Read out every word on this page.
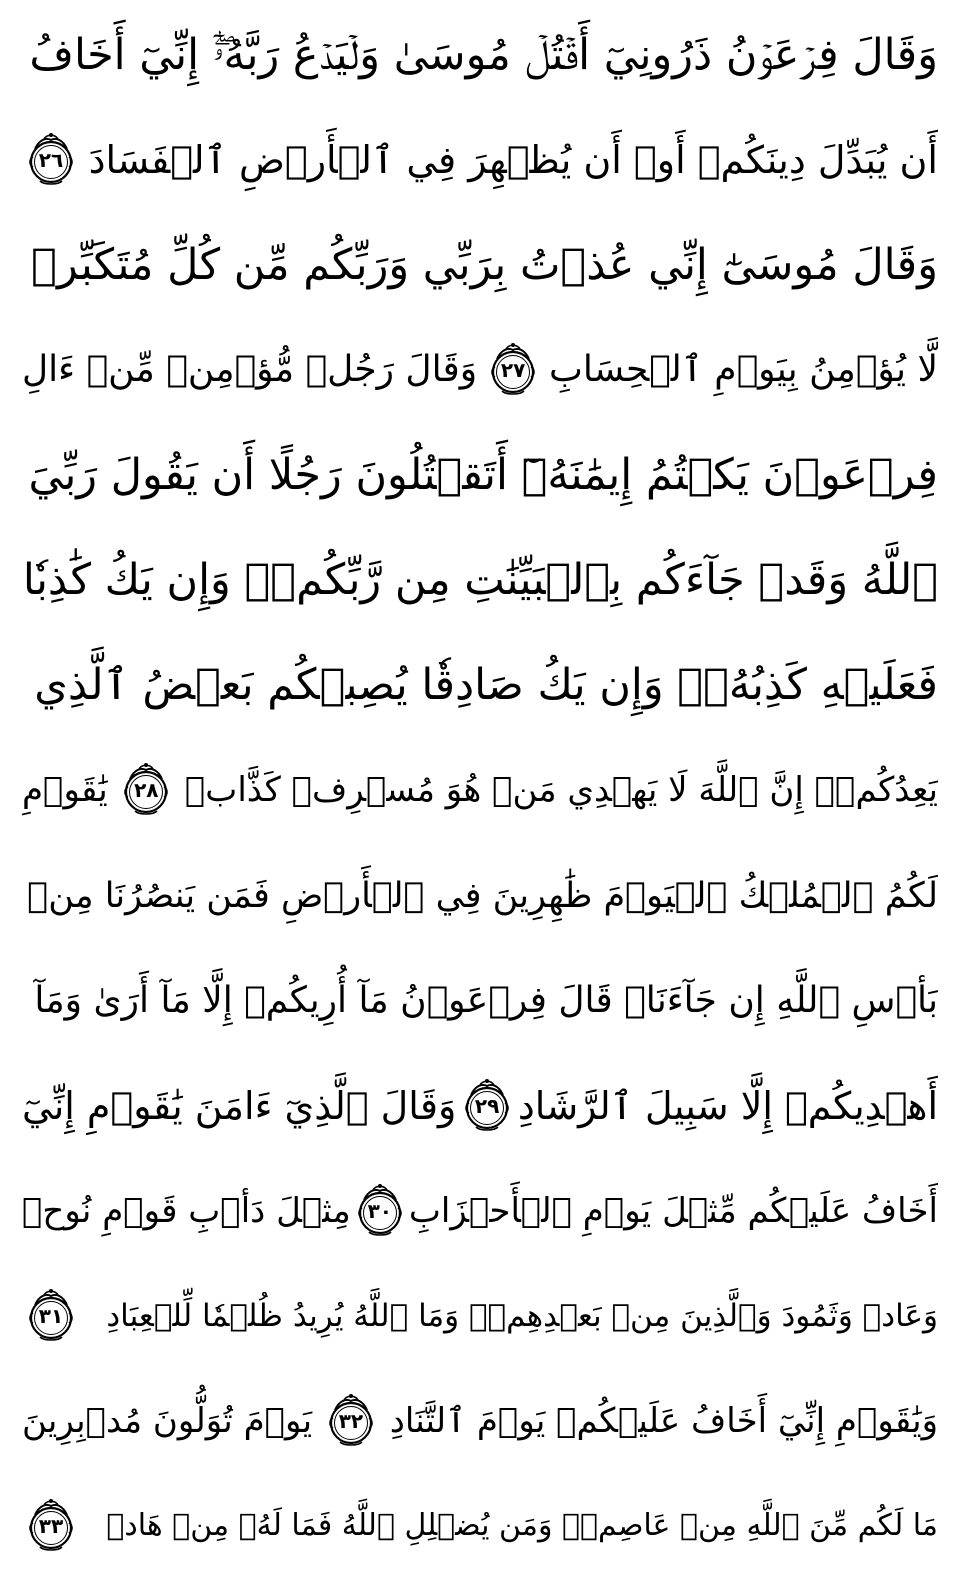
وَقَالَ فِرۡعَوۡنُ ذَرُونِيٓ أَقۡتُلۡ مُوسَىٰ وَلۡيَدۡعُ رَبَّهُۥٓۖ إِنِّيٓ أَخَافُ
أَن يُبَدِّلَ دِينَكُمۡ أَوۡ أَن يُظۡهِرَ فِي ٱلۡأَرۡضِ ٱلۡفَسَادَ
٢٦
وَقَالَ مُوسَىٰٓ إِنِّي عُذۡتُ بِرَبِّي وَرَبِّكُم مِّن كُلِّ مُتَكَبِّرٖ
لَّا يُؤۡمِنُ بِيَوۡمِ ٱلۡحِسَابِ
٢٧
وَقَالَ رَجُلٞ مُّؤۡمِنٞ مِّنۡ ءَالِ
فِرۡعَوۡنَ يَكۡتُمُ إِيمَٰنَهُۥٓ أَتَقۡتُلُونَ رَجُلًا أَن يَقُولَ رَبِّيَ
ٱللَّهُ وَقَدۡ جَآءَكُم بِٱلۡبَيِّنَٰتِ مِن رَّبِّكُمۡۖ وَإِن يَكُ كَٰذِبٗا
فَعَلَيۡهِ كَذِبُهُۥۖ وَإِن يَكُ صَادِقٗا يُصِبۡكُم بَعۡضُ ٱلَّذِي
يَعِدُكُمۡۖ إِنَّ ٱللَّهَ لَا يَهۡدِي مَنۡ هُوَ مُسۡرِفٞ كَذَّابٞ
٢٨
يَٰقَوۡمِ
لَكُمُ ٱلۡمُلۡكُ ٱلۡيَوۡمَ ظَٰهِرِينَ فِي ٱلۡأَرۡضِ فَمَن يَنصُرُنَا مِنۢ
بَأۡسِ ٱللَّهِ إِن جَآءَنَاۚ قَالَ فِرۡعَوۡنُ مَآ أُرِيكُمۡ إِلَّا مَآ أَرَىٰ وَمَآ
أَهۡدِيكُمۡ إِلَّا سَبِيلَ ٱلرَّشَادِ
٢٩
وَقَالَ ٱلَّذِيٓ ءَامَنَ يَٰقَوۡمِ إِنِّيٓ
أَخَافُ عَلَيۡكُم مِّثۡلَ يَوۡمِ ٱلۡأَحۡزَابِ
٣٠
مِثۡلَ دَأۡبِ قَوۡمِ نُوحٖ
وَعَادٖ وَثَمُودَ وَٱلَّذِينَ مِنۢ بَعۡدِهِمۡۚ وَمَا ٱللَّهُ يُرِيدُ ظُلۡمٗا لِّلۡعِبَادِ
٣١
وَيَٰقَوۡمِ إِنِّيٓ أَخَافُ عَلَيۡكُمۡ يَوۡمَ ٱلتَّنَادِ
٣٢
يَوۡمَ تُوَلُّونَ مُدۡبِرِينَ
مَا لَكُم مِّنَ ٱللَّهِ مِنۡ عَاصِمٖۗ وَمَن يُضۡلِلِ ٱللَّهُ فَمَا لَهُۥ مِنۡ هَادٖ
٣٣
